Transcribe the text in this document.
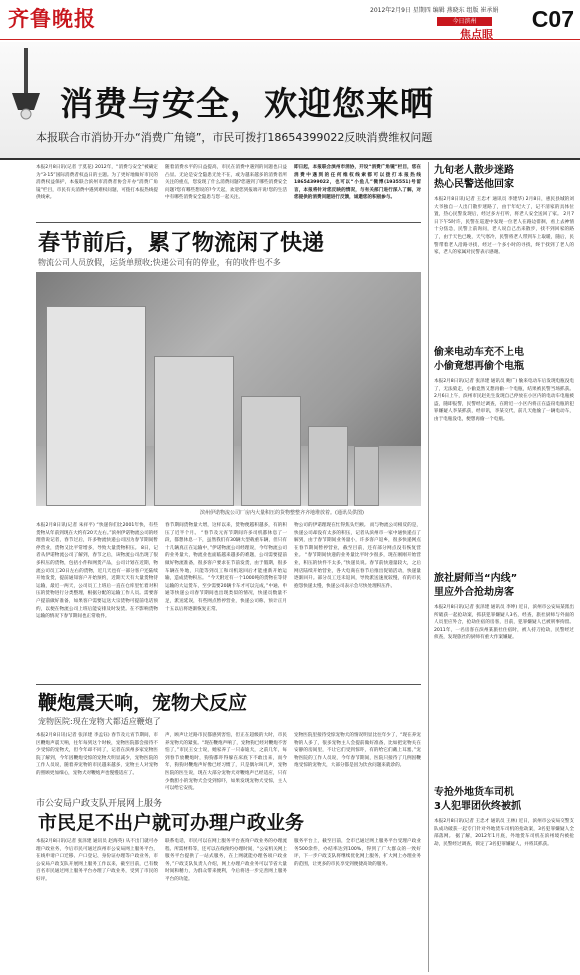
齐鲁晚报	2012年2月9日 星期四 编辑 燕晓东 组版 崔承娟 C07
今日滨州
焦点眼
消费与安全，欢迎您来晒
本报联合市消协开办“消费广角镜”，市民可拨打18654399022反映消费维权问题
本报2月8日讯(记者 于莫花) 2012年，“消费与安全”被确定为“3·15”国际消费者权益日的主题。为了更好地做好市民的消费权益保护，本报联合滨州市消费者协会开办“消费广角镜”栏目，市民有关消费中遇到难权问题，可拨打本报热线提供线索。
随着消费水平的日益提高，市民在消费中遇到的问题也日益凸显。无论是安全隐患无处不在，或为越来越多的消费者所关注的重点，您发现了什么消费问题?您遇到了哪些消费安全问题?您有哪些想说的?今天起，欢迎您到报端开说!您的生活中有哪些消费安全隐患与您一起关注。
即日起，本报联合滨州市消协，开设“消费广角镜”栏目，您在消费中遇到的任何维权线索都可以拨打本报热线18654399022，也可以“小鱼儿”微博(1935551)号留言，本报将针对您反映的情况，与有关部门进行深入了解，对您提供的消费问题进行反馈，诚邀您的积极参与。
春节前后，累了物流闲了快递
物流公司人员放假，运货单照收;快递公司有的停业，有的收件也不多
滨州伊诺物流公司厂房内大量积压的货物整整齐齐地堆放着。(通讯员供图)
本报2月8日讯(记者 朱祥平) “快递你们比2001年快，有些货物从年前到现在大约有20天左右。”滨州伊诺物流公司的经理曾说记者，春节过后，许多物流快递公司因为春节期间暂停营业，货物又比平常增多，导致大量货物积压。 8日，记者从伊诺物流公司了解到，春节之后，该物流公司出现了很多积压的货物，包括小件和网货产品，公司计划在近期，物流公司员工20日左右的货物，近几天也有一部分客户还陆续开始发货，提前通知客户开始预约，近期天天有大量货物待运输，最近一两天，公司员工上班后一直在仓库里忙着对积压的货物进行分类整理，根据分配的运输工作人员。需要客户提前做好准备，如果客户需要运送大宗货物可提前电话预约，以便在物流公司上班后能安排及时发货。在不影响货物运输的情况下春节期间也正常收件。
春节期间货物量大增，这样以来，货物便越积越多，有的积压了近半个月。 “春节及元宵节期间许多司机都休息了一段，都想休息一下，虽然我们有30辆大型载重车辆，但只有十几辆真正在运输中，”伊诺物流公司经理说，今年物流公司的业务量大，物流业也面临越来越多的难题，公司需要提前做好物流准备，很多客户要求在节前发货，由于假期，很多车辆在外地，只能等到员工和司机返回后才能重新开始运输，造成货物积压。 “今天附近有一个1000吨的货物在等待运输的大运货车，至少需要20辆卡车才可以完成，”中通、申通等快递公司春节期间也出现类似的情况，快递员数量不足，派送延误，有些网点暂停营业，快递公司称，预计正月十五以后将逐渐恢复正常。
物公司的伊诺理现在忙得焦头烂额。 而与物流公司相反的是，快递公司却没有太多的积压，记者从滨州市一家中通快递点了解到，由于春节期间业务量小，许多客户返乡，很多快递网点在春节期间暂停营业，截至目前，还有部分网点没有恢复营业。 “春节期间快递的业务量比平时少很多，现在刚刚开始营业，积压的快件不太多，”快递员说。春节前快递量较大，之后网店陆续开始营业，各大电商在春节后推出促销活动，快递量逐渐回升。部分员工还未返回，导致派送速度较慢，有的市民抱怨快递太慢，快递公司表示会尽快处理积压件。
鞭炮震天响，宠物犬反应
宠物医院:现在宠物犬都适应鞭炮了
本报2月8日讯(记者 张泽建 李孟钰) 春节及元宵节期间，市区鞭炮声震天响，往年每到这个时候，宠物医院都会接待不少受惊的宠物犬，但今年却不同了，记者在滨州多家宠物医院了解到，今年因鞭炮受惊的宠物犬明显减少，宠物医院的工作人员说，随着养宠物的市民越来越多，宠物主人对宠物的照顾更加细心，宠物犬对鞭炮声也慢慢适应了。
声，顾声让过路市民都感到害怕，但正在超级的大时，市民养宠物犬的紧张。“现在鞭炮声响了，宠物狗已经对鞭炮不害怕了，”市民王女士说，她家养了一只泰迪犬，之前几年，每到春节放鞭炮时，狗狗都吓得躲在床底下不敢出来，而今年，狗狗对鞭炮声好像已经习惯了，只是偶尔叫几声，宠物医院的医生说，现在大部分宠物犬对鞭炮声已经适应，只有少数胆小的宠物犬会受到惊吓，如果发现宠物犬受惊，主人可以给它安抚。
宠物医院里接待受惊宠物犬的情况明显比往年少了，“现在养宠物的人多了，很多宠物主人会提前做好准备，比如把宠物关在安静的房间里，不让它们受到惊吓，有的给它们戴上耳塞，”宠物医院的工作人员说，今年春节期间，医院只接待了几例因鞭炮受惊的宠物犬，大部分都是因为饮食问题来就诊的。
市公安局户政支队开展网上服务
市民足不出户就可办理户政业务
本报2月8日讯(记者 张泽建 通讯员 赵海英) 从不出门就可办理户政业务，今后市民可通过滨州市公安局网上服务平台，在线申请户口迁移、户口登记、身份证办理等户政业务，市公安局户政支队开展网上服务工作以来，截至目前，已有数百名市民通过网上服务平台办理了户政业务，受到了市民的好评。
联系电话，市民可以在网上服务平台查询户政业务的办理流程、所需材料等，还可以在线预约办理时间，“公安机关网上服务平台提供了一站式服务，在上网就能办理各项户政业务，”户政支队负责人介绍，网上办理户政业务可以节省大量时间和精力，为群众带来便利，今后将进一步完善网上服务平台的功能。
服务平台上，截至目前，全市已通过网上服务平台受理户政业务500余件，办结率达到100%，得到了广大群众的一致好评，下一步户政支队将继续优化网上服务，扩大网上办理业务的范围，让更多的市民享受到便捷高效的服务。
九旬老人散步迷路
热心民警送他回家
本报2月8日讯(记者 王忠才 通讯员 李建华) 2月8日，惠民县城的刘大爷独自一人出门散步迷路了，由于年纪大了，记不清家的具体位置，热心民警发现后，经过多方打听，将老人安全送回了家。 2月7日下午5时许，民警在巡逻中发现一位老人在路边徘徊，看上去神情十分焦急，民警上前询问，老人说自己出来散步，找不到回家的路了，由于天色已晚，天气寒冷，民警将老人带到车上取暖，随后，民警带着老人沿路寻找，经过一个多小时的寻找，终于找到了老人的家，老人的家属对民警表示感谢。
偷来电动车充不上电
小偷竟想再偷个电瓶
本报2月8日讯(记者 张泽建 通讯员 鲍广) 偷来电动车后发现电瓶没电了，无法骑走，小偷竟然又想再偷一个电瓶，结果被民警当场抓获。 2月6日上午，滨州市民赵先生发现自己停放在小区内的电动车电瓶被盗，随即报警，民警经过调查，在附近一小区内将正在盗窃电瓶的犯罪嫌疑人李某抓获，经审讯，李某交代，前几天他偷了一辆电动车，由于电瓶没电，便想再偷一个电瓶。
旅社厨师当“内线”
里应外合抢劫房客
本报2月8日讯(记者 张泽建 通讯员 李坤) 近日，滨州市公安局某派出所破获一起抢劫案，抓获犯罪嫌疑人3名，经查，旅社厨师与外面的人员里应外合，抢劫住宿的房客，目前，犯罪嫌疑人已被刑事拘留。 2011年，一名房客在滨州某旅社住宿时，被人持刀抢劫，民警经过侦查，发现旅社的厨师有重大作案嫌疑。
专抢外地货车司机
3人犯罪团伙终被抓
本报2月8日讯(记者 王忠才 通讯员 王林) 近日，滨州市公安局交警支队成功破获一起专门针对外地货车司机的抢劫案，3名犯罪嫌疑人全部落网。 据了解，2012年1月底，外地货车司机在滨州境内被抢劫，民警经过调查，锁定了3名犯罪嫌疑人，并将其抓获。
